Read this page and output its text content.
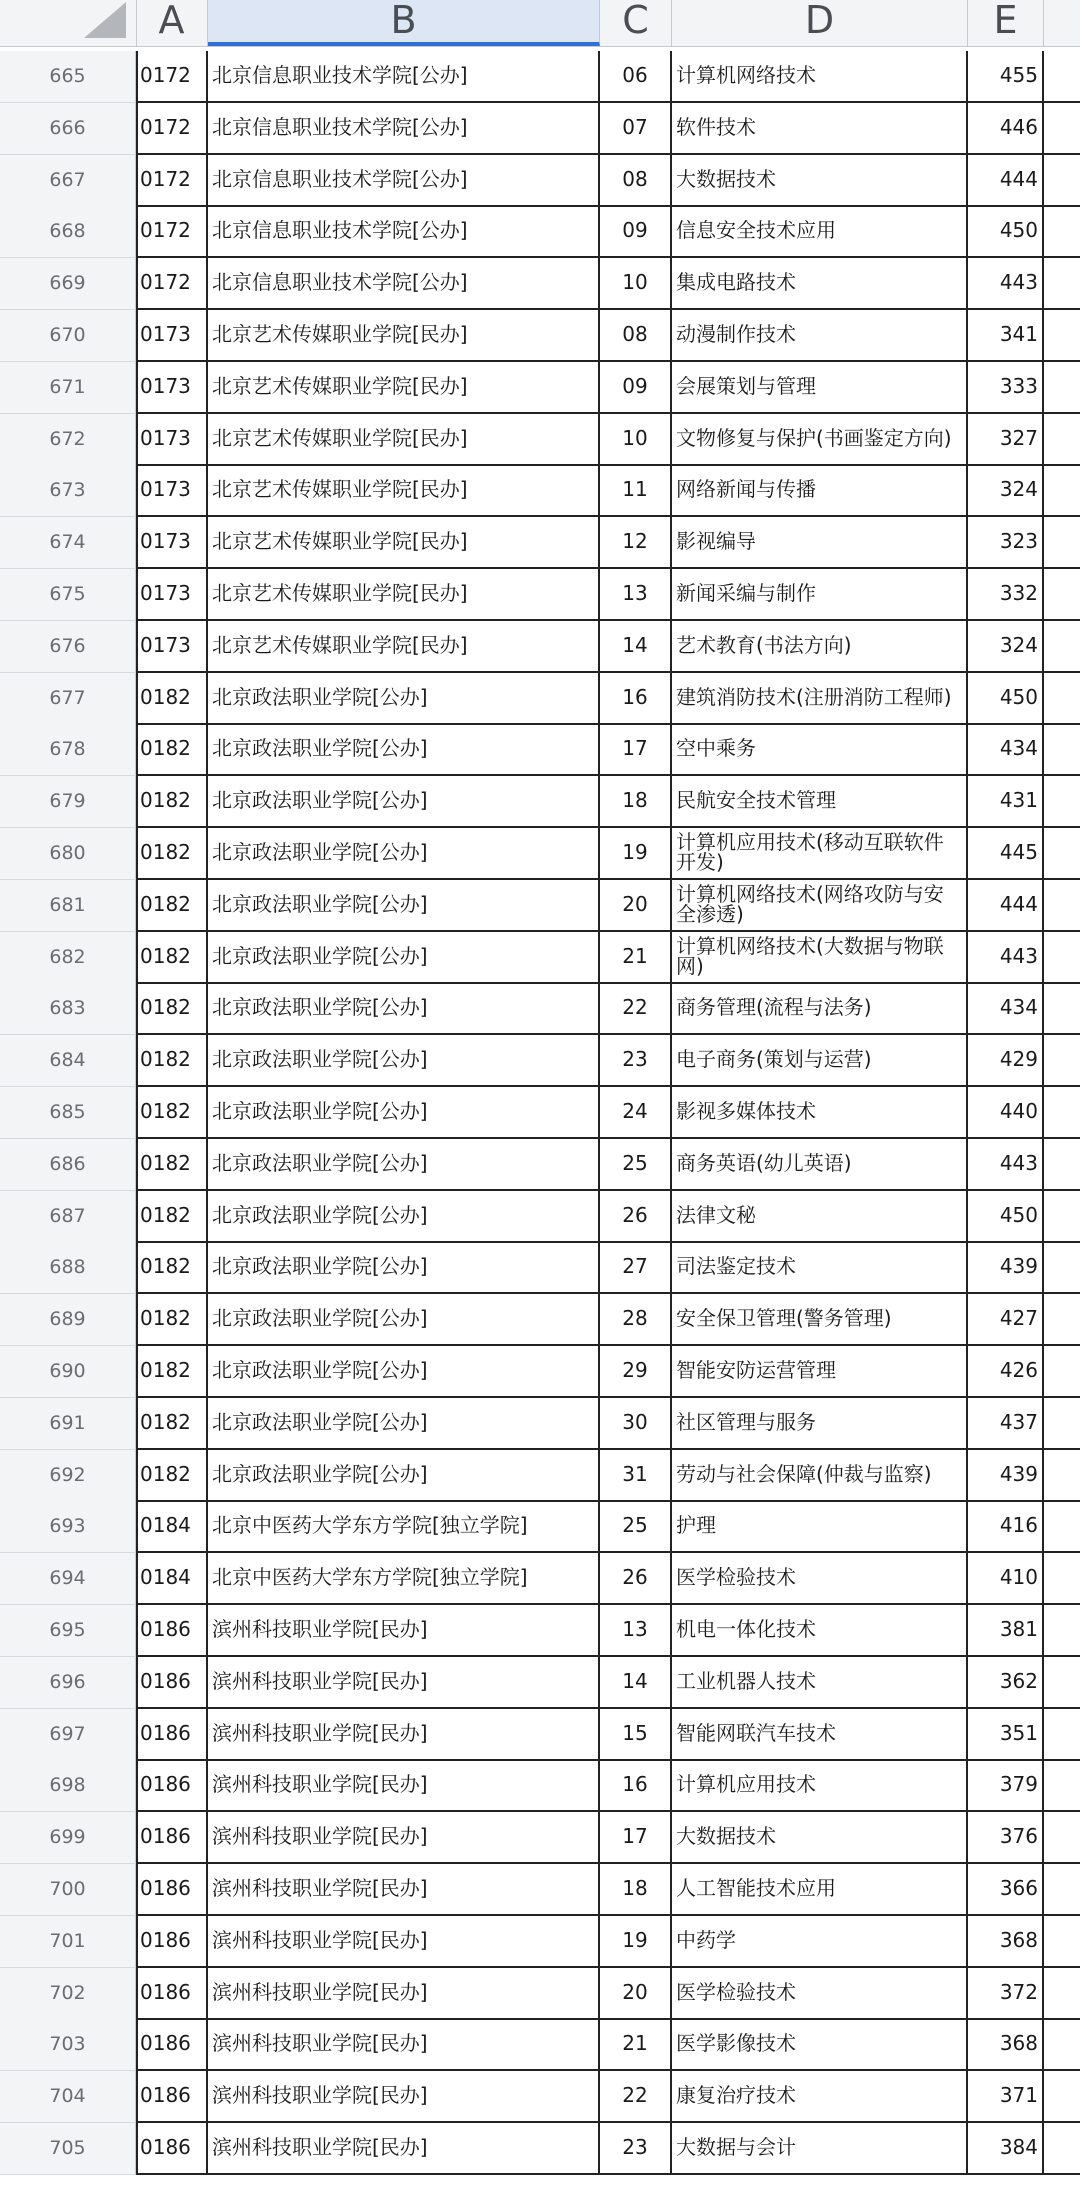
A	B	C	D	E
665	0172	北京信息职业技术学院[公办]	06	计算机网络技术	455
666	0172	北京信息职业技术学院[公办]	07	软件技术	446
667	0172	北京信息职业技术学院[公办]	08	大数据技术	444
668	0172	北京信息职业技术学院[公办]	09	信息安全技术应用	450
669	0172	北京信息职业技术学院[公办]	10	集成电路技术	443
670	0173	北京艺术传媒职业学院[民办]	08	动漫制作技术	341
671	0173	北京艺术传媒职业学院[民办]	09	会展策划与管理	333
672	0173	北京艺术传媒职业学院[民办]	10	文物修复与保护(书画鉴定方向)	327
673	0173	北京艺术传媒职业学院[民办]	11	网络新闻与传播	324
674	0173	北京艺术传媒职业学院[民办]	12	影视编导	323
675	0173	北京艺术传媒职业学院[民办]	13	新闻采编与制作	332
676	0173	北京艺术传媒职业学院[民办]	14	艺术教育(书法方向)	324
677	0182	北京政法职业学院[公办]	16	建筑消防技术(注册消防工程师)	450
678	0182	北京政法职业学院[公办]	17	空中乘务	434
679	0182	北京政法职业学院[公办]	18	民航安全技术管理	431
680	0182	北京政法职业学院[公办]	19	计算机应用技术(移动互联软件开发)	445
681	0182	北京政法职业学院[公办]	20	计算机网络技术(网络攻防与安全渗透)	444
682	0182	北京政法职业学院[公办]	21	计算机网络技术(大数据与物联网)	443
683	0182	北京政法职业学院[公办]	22	商务管理(流程与法务)	434
684	0182	北京政法职业学院[公办]	23	电子商务(策划与运营)	429
685	0182	北京政法职业学院[公办]	24	影视多媒体技术	440
686	0182	北京政法职业学院[公办]	25	商务英语(幼儿英语)	443
687	0182	北京政法职业学院[公办]	26	法律文秘	450
688	0182	北京政法职业学院[公办]	27	司法鉴定技术	439
689	0182	北京政法职业学院[公办]	28	安全保卫管理(警务管理)	427
690	0182	北京政法职业学院[公办]	29	智能安防运营管理	426
691	0182	北京政法职业学院[公办]	30	社区管理与服务	437
692	0182	北京政法职业学院[公办]	31	劳动与社会保障(仲裁与监察)	439
693	0184	北京中医药大学东方学院[独立学院]	25	护理	416
694	0184	北京中医药大学东方学院[独立学院]	26	医学检验技术	410
695	0186	滨州科技职业学院[民办]	13	机电一体化技术	381
696	0186	滨州科技职业学院[民办]	14	工业机器人技术	362
697	0186	滨州科技职业学院[民办]	15	智能网联汽车技术	351
698	0186	滨州科技职业学院[民办]	16	计算机应用技术	379
699	0186	滨州科技职业学院[民办]	17	大数据技术	376
700	0186	滨州科技职业学院[民办]	18	人工智能技术应用	366
701	0186	滨州科技职业学院[民办]	19	中药学	368
702	0186	滨州科技职业学院[民办]	20	医学检验技术	372
703	0186	滨州科技职业学院[民办]	21	医学影像技术	368
704	0186	滨州科技职业学院[民办]	22	康复治疗技术	371
705	0186	滨州科技职业学院[民办]	23	大数据与会计	384
